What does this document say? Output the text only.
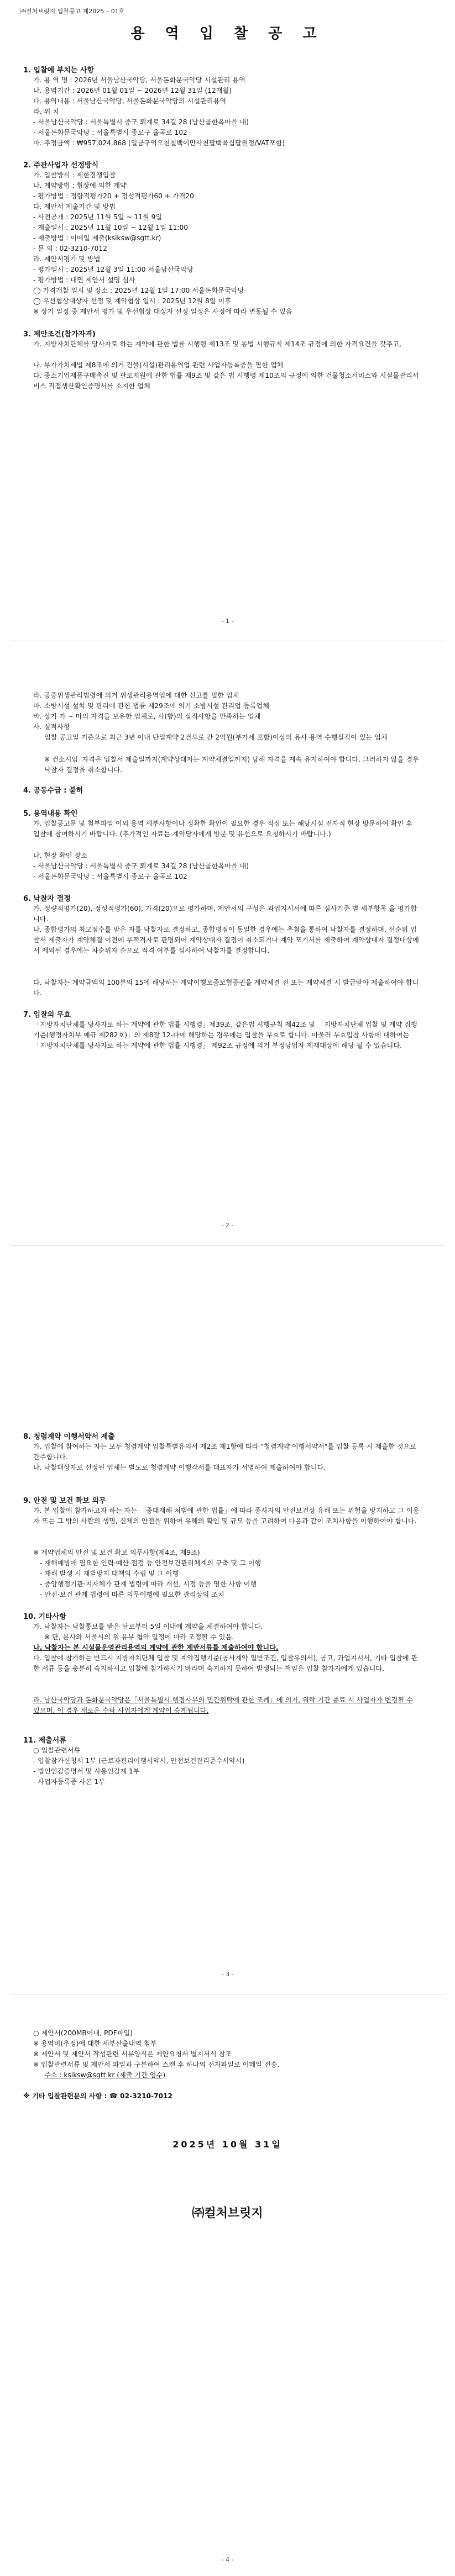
㈜컬처브릿지 입찰공고 제2025 – 01호
용 역 입 찰 공 고
1. 입찰에 부치는 사항
가. 용 역 명 : 2026년 서울남산국악당, 서울돈화문국악당 시설관리 용역
나. 용역기간 : 2026년 01월 01일 ~ 2026년 12월 31일 (12개월)
다. 용역내용 : 서울남산국악당, 서울돈화문국악당의 시설관리용역
라. 위 치
- 서울남산국악당 : 서울특별시 중구 퇴계로 34길 28 (남산골한옥마을 내)
- 서울돈화문국악당 : 서울특별시 종로구 율곡로 102
마. 추정금액 : ₩957,024,868 (일금구억오천칠백이만사천팔백육십팔원정/VAT포함)
2. 주관사업자 선정방식
가. 입찰방식 : 제한경쟁입찰
나. 계약방법 : 협상에 의한 계약
- 평가방법 : 정량적평가20 + 정성적평가60 + 가격20
다. 제안서 제출기간 및 방법
- 사전공개 : 2025년 11월 5일 ~ 11월 9일
- 제출일시 : 2025년 11월 10일 ~ 12월 1일 11:00
- 제출방법 : 이메일 제출(ksiksw@sgtt.kr)
- 문 의 : 02-3210-7012
라. 제안서평가 및 방법
- 평가일시 : 2025년 12월 3일 11:00 서울남산국악당
- 평가방법 : 대면 제안서 설명 심사
◯ 가격개찰 일시 및 장소 : 2025년 12월 1일 17:00 서울돈화문국악당
◯ 우선협상대상자 선정 및 계약협상 일시 : 2025년 12월 8일 이후
※ 상기 일정 중 제안서 평가 및 우선협상 대상자 선정 일정은 사정에 따라 변동될 수 있음
3. 제안조건(참가자격)
가. 지방자치단체를 당사자로 하는 계약에 관한 법률 시행령 제13조 및 동법 시행규칙 제14조 규정에 의한 자격요건을 갖추고,
나. 부가가치세법 제8조에 의거 건물(시설)관리용역업 관련 사업자등록증을 필한 업체
다. 중소기업제품구매촉진 및 판로지원에 관한 법률 제9조 및 같은 법 시행령 제10조의 규정에 의한 건물청소서비스와 시설물관리서비스 직접생산확인증명서를 소지한 업체
- 1 -
라. 공중위생관리법령에 의거 위생관리용역업에 대한 신고를 필한 업체
마. 소방시설 설치 및 관리에 관한 법률 제29조에 의거 소방시설 관리업 등록업체
바. 상기 가 ~ 마의 자격을 보유한 업체로, 사(함)의 실적사항을 만족하는 업체
사. 실적사항
입찰 공고일 기준으로 최근 3년 이내 단일계약 2건으로 간 2억원(부가세 포함)이상의 유사 용역 수행실적이 있는 업체
※ 컨소시엄 '자격은 입찰서 제출일까지(계약상대자는 계약체결일까지) 당해 자격을 계속 유지하여야 합니다. 그러하지 않을 경우 낙찰자 결정을 취소합니다.
4. 공동수급 : 불허
5. 용역내용 확인
가. 입찰공고문 및 첨부파일 이외 용역 세부사항이나 정확한 확인이 필요한 경우 직접 또는 해당시설 전자적 현장 방문하여 확인 후 입찰에 참여하시기 바랍니다. (추가적인 자료는 계약당자에게 방문 및 유선으로 요청하시기 바랍니다.)
나. 현장 확인 장소
- 서울남산국악당 : 서울특별시 중구 퇴계로 34길 28 (남산골한옥마을 내)
- 서울돈화문국악당 : 서울특별시 종로구 율곡로 102
6. 낙찰자 결정
가. 정량적평가(20), 정성적평가(60), 가격(20)으로 평가하며, 제안서의 구성은 과업지시서에 따른 심사기준 별 세부항목 을 평가합니다.
나. 종합평가의 최고점수를 받은 자를 낙찰자로 결정하고, 종합평점이 동일한 경우에는 추첨을 통하여 낙찰자를 결정하며, 선순위 입찰서 제출자가 계약체결 이전에 부적격자로 판명되어 계약상대자 결정이 취소되거나 계약 포기서를 제출하여 계약상대자 결정대상에서 제외된 경우에는 차순위자 순으로 적격 여부를 심사하여 낙찰자를 결정합니다.
다. 낙찰자는 계약금액의 100분의 15에 해당하는 계약이행보증보험증권을 계약체결 전 또는 계약체결 시 발급받아 제출하여야 합니다.
7. 입찰의 무효
「지방자치단체를 당사자로 하는 계약에 관한 법률 시행령」제39조, 같은법 시행규칙 제42조 및 「지방자치단체 입찰 및 계약 집행기준(행정자치부 예규 제282호)」의 제8장 12-다에 해당하는 경우에는 입찰을 무효로 합니다. 아울러 무효입찰 사항에 대하여는「지방자치단체를 당사자로 하는 계약에 관한 법률 시행령」 제92조 규정에 의거 부정당업자 제재대상에 해당 될 수 있습니다.
- 2 -
8. 청렴계약 이행서약서 제출
가. 입찰에 참여하는 자는 모두 청렴계약 입찰특별유의서 제2조 제1항에 따라 "청렴계약 이행서약서"를 입찰 등록 시 제출한 것으로 간주합니다.
나. 낙찰대상자로 선정된 업체는 별도로 청렴계약 이행각서를 대표자가 서명하여 제출하여야 합니다.
9. 안전 및 보건 확보 의무
가. 본 입찰에 참가하고자 하는 자는 「중대재해 처벌에 관한 법률」에 따라 종사자의 안전보건상 유해 또는 위험을 방지하고 그 이용자 또는 그 밖의 사람의 생명, 신체의 안전을 위하여 유해의 확인 및 규모 등을 고려하여 다음과 같이 조치사항을 이행하여야 합니다.
※ 계약업체의 안전 및 보건 확보 의무사항(제4조, 제9조)
- 재해예방에 필요한 인력·예산·점검 등 안전보건관리체계의 구축 및 그 이행
- 재해 발생 시 재발방지 대책의 수립 및 그 이행
- 중앙행정기관·지자체가 관계 법령에 따라 개선, 시정 등을 명한 사항 이행
- 안전·보건 관계 법령에 따른 의무이행에 필요한 관리상의 조치
10. 기타사항
가. 낙찰자는 낙찰통보를 받은 날로부터 5일 이내에 계약을 체결하여야 합니다.
※ 단, 본사와 서울시의 위 유무 협약 일정에 따라 조정될 수 있음.
나. 낙찰자는 본 시설물운영관리용역의 계약에 관한 제반서류를 제출하여야 합니다.
다. 입찰에 참가하는 반드시 지방자치단체 입찰 및 계약집행기준(공사계약 일반조건, 입찰유의서), 공고, 과업지시서, 기타 입찰에 관한 서류 등을 충분히 숙지하시고 입찰에 참가하시기 바라며 숙지하지 못하여 발생되는 책임은 입찰 참가자에게 있습니다.
라. 남산국악당과 돈화문국악당은「서울특별시 행정사무의 민간위탁에 관한 조례」에 의거, 위탁 기간 종료 시 사업자가 변경될 수 있으며, 이 경우 새로운 수탁 사업자에게 계약이 승계됩니다.
11. 제출서류
○ 입찰관련서류
- 입찰참가신청서 1부 (근로자관리이행서약서, 안전보건관리준수서약서)
- 법인인감증명서 및 사용인감계 1부
- 사업자등록증 사본 1부
- 3 -
○ 제안서(200MB이내, PDF파일)
※ 용역비(추정)에 대한 세부산출내역 첨부
※ 제안서 및 제안서 작성관련 서류양식은 제안요청서 별지서식 참조
※ 입찰관련서류 및 제안서 파일과 구분하여 스캔 후 하나의 전자파일로 이메일 전송.
주소 : ksiksw@sgtt.kr (제출 기간 엄수)
※ 기타 입찰관련문의 사항 : ☎ 02-3210-7012
2025년 10월 31일
㈜컬처브릿지
- 4 -
